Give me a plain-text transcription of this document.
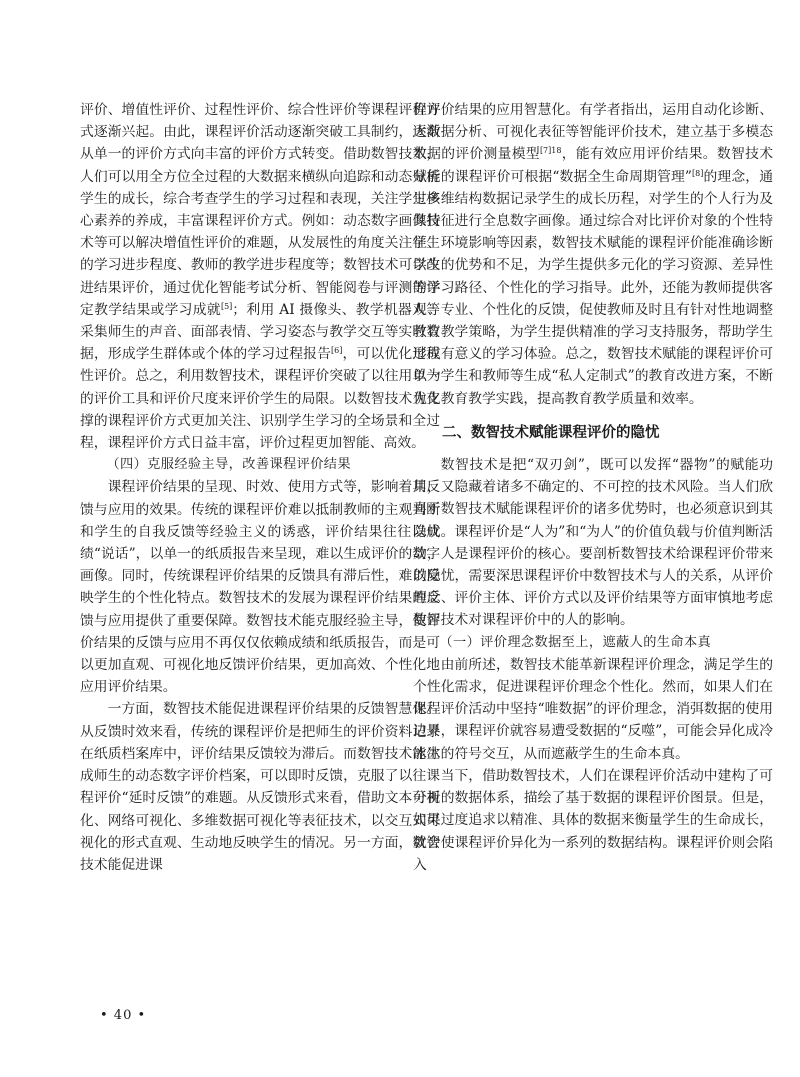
评价、增值性评价、过程性评价、综合性评价等课程评价方式逐渐兴起。由此，课程评价活动逐渐突破工具制约，逐渐从单一的评价方式向丰富的评价方式转变。借助数智技术，人们可以用全方位全过程的大数据来横纵向追踪和动态分析学生的成长，综合考查学生的学习过程和表现，关注学生核心素养的养成，丰富课程评价方式。例如：动态数字画像技术等可以解决增值性评价的难题，从发展性的角度关注学生的学习进步程度、教师的教学进步程度等；数智技术可以改进结果评价，通过优化智能考试分析、智能阅卷与评测等评定教学结果或学习成就[5]；利用 AI 摄像头、教学机器人等采集师生的声音、面部表情、学习姿态与教学交互等实时数据，形成学生群体或个体的学习过程报告[6]，可以优化过程性评价。总之，利用数智技术，课程评价突破了以往用单一的评价工具和评价尺度来评价学生的局限。以数智技术为支撑的课程评价方式更加关注、识别学生学习的全场景和全过程，课程评价方式日益丰富，评价过程更加智能、高效。

（四）克服经验主导，改善课程评价结果

课程评价结果的呈现、时效、使用方式等，影响着其反馈与应用的效果。传统的课程评价难以抵制教师的主观判断和学生的自我反馈等经验主义的诱惑，评价结果往往以成绩“说话”，以单一的纸质报告来呈现，难以生成评价的数字画像。同时，传统课程评价结果的反馈具有滞后性，难以反映学生的个性化特点。数智技术的发展为课程评价结果的反馈与应用提供了重要保障。数智技术能克服经验主导，使评价结果的反馈与应用不再仅仅依赖成绩和纸质报告，而是可以更加直观、可视化地反馈评价结果，更加高效、个性化地应用评价结果。

一方面，数智技术能促进课程评价结果的反馈智慧化。从反馈时效来看，传统的课程评价是把师生的评价资料记录在纸质档案库中，评价结果反馈较为滞后。而数智技术能生成师生的动态数字评价档案，可以即时反馈，克服了以往课程评价“延时反馈”的难题。从反馈形式来看，借助文本可视化、网络可视化、多维数据可视化等表征技术，以交互式可视化的形式直观、生动地反映学生的情况。另一方面，数智技术能促进课

程评价结果的应用智慧化。有学者指出，运用自动化诊断、大数据分析、可视化表征等智能评价技术，建立基于多模态数据的评价测量模型$^{[7]18}$，能有效应用评价结果。数智技术赋能的课程评价可根据“数据全生命周期管理”[8]的理念，通过多维结构数据记录学生的成长历程，对学生的个人行为及其特征进行全息数字画像。通过综合对比评价对象的个性特征、环境影响等因素，数智技术赋能的课程评价能准确诊断学生的优势和不足，为学生提供多元化的学习资源、差异性的学习路径、个性化的学习指导。此外，还能为教师提供客观、专业、个性化的反馈，促使教师及时且有针对性地调整教育教学策略，为学生提供精准的学习支持服务，帮助学生形成有意义的学习体验。总之，数智技术赋能的课程评价可以为学生和教师等生成“私人定制式”的教育改进方案，不断优化教育教学实践，提高教育教学质量和效率。

二、数智技术赋能课程评价的隐忧

数智技术是把“双刃剑”，既可以发挥“器物”的赋能功用，又隐藏着诸多不确定的、不可控的技术风险。当人们欣喜于数智技术赋能课程评价的诸多优势时，也必须意识到其隐忧。课程评价是“人为”和“为人”的价值负载与价值判断活动，人是课程评价的核心。要剖析数智技术给课程评价带来的隐忧，需要深思课程评价中数智技术与人的关系，从评价理念、评价主体、评价方式以及评价结果等方面审慎地考虑数智技术对课程评价中的人的影响。

（一）评价理念数据至上，遮蔽人的生命本真

由前所述，数智技术能革新课程评价理念，满足学生的个性化需求，促进课程评价理念个性化。然而，如果人们在课程评价活动中坚持“唯数据”的评价理念，消弭数据的使用边界，课程评价就容易遭受数据的“反噬”，可能会异化成冷冰冰的符号交互，从而遮蔽学生的生命本真。

当下，借助数智技术，人们在课程评价活动中建构了可分析的数据体系，描绘了基于数据的课程评价图景。但是，如果过度追求以精准、具体的数据来衡量学生的生命成长，就会使课程评价异化为一系列的数据结构。课程评价则会陷入

• 40 •
